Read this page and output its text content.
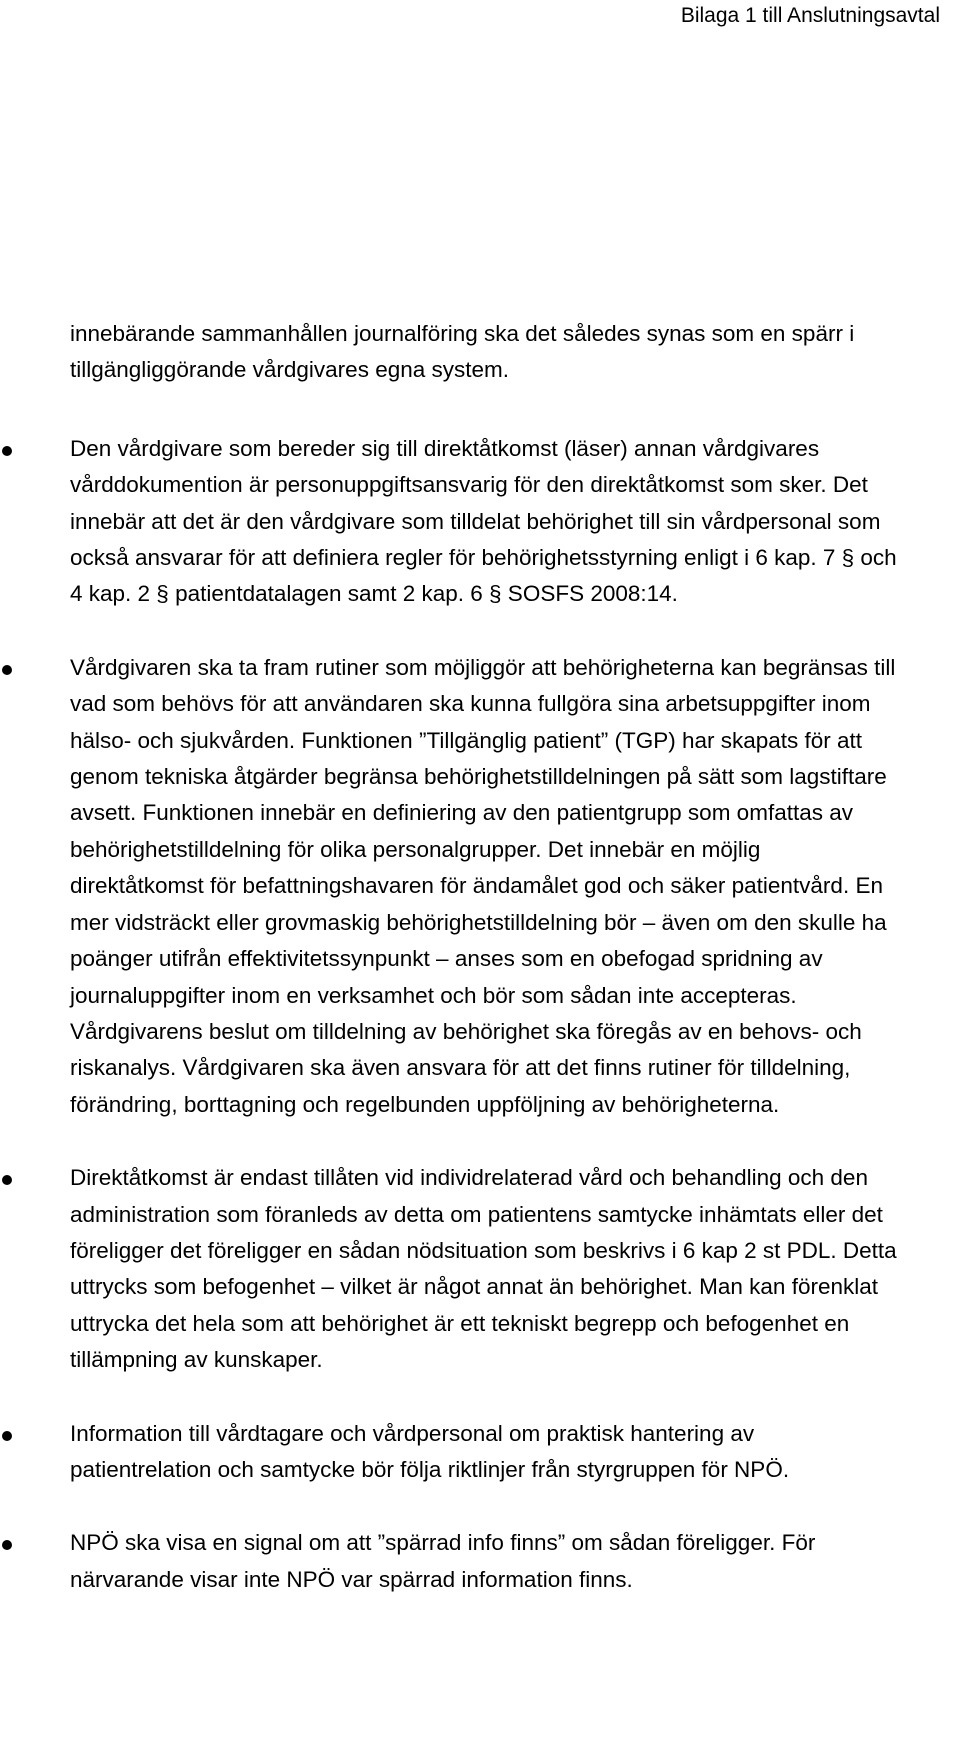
Bilaga 1 till Anslutningsavtal

innebärande sammanhållen journalföring ska det således synas som en spärr i tillgängliggörande vårdgivares egna system.

Den vårdgivare som bereder sig till direktåtkomst (läser) annan vårdgivares vårddokumention är personuppgiftsansvarig för den direktåtkomst som sker. Det innebär att det är den vårdgivare som tilldelat behörighet till sin vårdpersonal som också ansvarar för att definiera regler för behörighetsstyrning enligt i 6 kap. 7 § och 4 kap. 2 § patientdatalagen samt 2 kap. 6 § SOSFS 2008:14.

Vårdgivaren ska ta fram rutiner som möjliggör att behörigheterna kan begränsas till vad som behövs för att användaren ska kunna fullgöra sina arbetsuppgifter inom hälso- och sjukvården. Funktionen ”Tillgänglig patient” (TGP) har skapats för att genom tekniska åtgärder begränsa behörighetstilldelningen på sätt som lagstiftare avsett. Funktionen innebär en definiering av den patientgrupp som omfattas av behörighetstilldelning för olika personalgrupper. Det innebär en möjlig direktåtkomst för befattningshavaren för ändamålet god och säker patientvård. En mer vidsträckt eller grovmaskig behörighetstilldelning bör – även om den skulle ha poänger utifrån effektivitetssynpunkt – anses som en obefogad spridning av journaluppgifter inom en verksamhet och bör som sådan inte accepteras. Vårdgivarens beslut om tilldelning av behörighet ska föregås av en behovs- och riskanalys. Vårdgivaren ska även ansvara för att det finns rutiner för tilldelning, förändring, borttagning och regelbunden uppföljning av behörigheterna.

Direktåtkomst är endast tillåten vid individrelaterad vård och behandling och den administration som föranleds av detta om patientens samtycke inhämtats eller det föreligger det föreligger en sådan nödsituation som beskrivs i 6 kap 2 st PDL. Detta uttrycks som befogenhet – vilket är något annat än behörighet. Man kan förenklat uttrycka det hela som att behörighet är ett tekniskt begrepp och befogenhet en tillämpning av kunskaper.

Information till vårdtagare och vårdpersonal om praktisk hantering av patientrelation och samtycke bör följa riktlinjer från styrgruppen för NPÖ.

NPÖ ska visa en signal om att ”spärrad info finns” om sådan föreligger. För närvarande visar inte NPÖ var spärrad information finns.
